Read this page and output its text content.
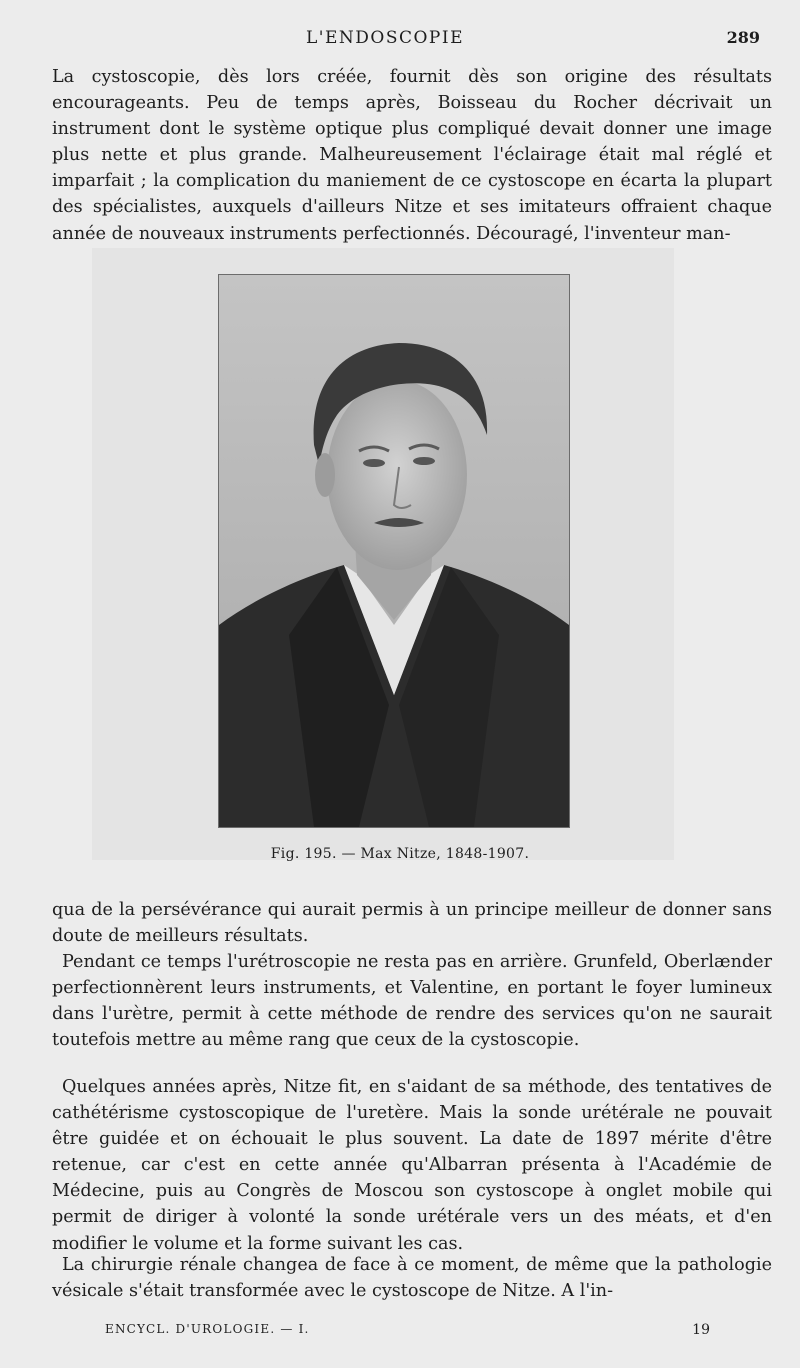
L'ENDOSCOPIE	289

La cystoscopie, dès lors créée, fournit dès son origine des résultats encourageants. Peu de temps après, Boisseau du Rocher décrivait un instrument dont le système optique plus compliqué devait donner une image plus nette et plus grande. Malheureusement l'éclairage était mal réglé et imparfait ; la complication du maniement de ce cystoscope en écarta la plupart des spécialistes, auxquels d'ailleurs Nitze et ses imitateurs offraient chaque année de nouveaux instruments perfectionnés. Découragé, l'inventeur man-

Fig. 195. — Max Nitze, 1848-1907.

qua de la persévérance qui aurait permis à un principe meilleur de donner sans doute de meilleurs résultats.

Pendant ce temps l'urétroscopie ne resta pas en arrière. Grunfeld, Oberlænder perfectionnèrent leurs instruments, et Valentine, en portant le foyer lumineux dans l'urètre, permit à cette méthode de rendre des services qu'on ne saurait toutefois mettre au même rang que ceux de la cystoscopie.

Quelques années après, Nitze fit, en s'aidant de sa méthode, des tentatives de cathétérisme cystoscopique de l'uretère. Mais la sonde urétérale ne pouvait être guidée et on échouait le plus souvent. La date de 1897 mérite d'être retenue, car c'est en cette année qu'Albarran présenta à l'Académie de Médecine, puis au Congrès de Moscou son cystoscope à onglet mobile qui permit de diriger à volonté la sonde urétérale vers un des méats, et d'en modifier le volume et la forme suivant les cas.

La chirurgie rénale changea de face à ce moment, de même que la pathologie vésicale s'était transformée avec le cystoscope de Nitze. A l'in-

ENCYCL. D'UROLOGIE. — I.	19
